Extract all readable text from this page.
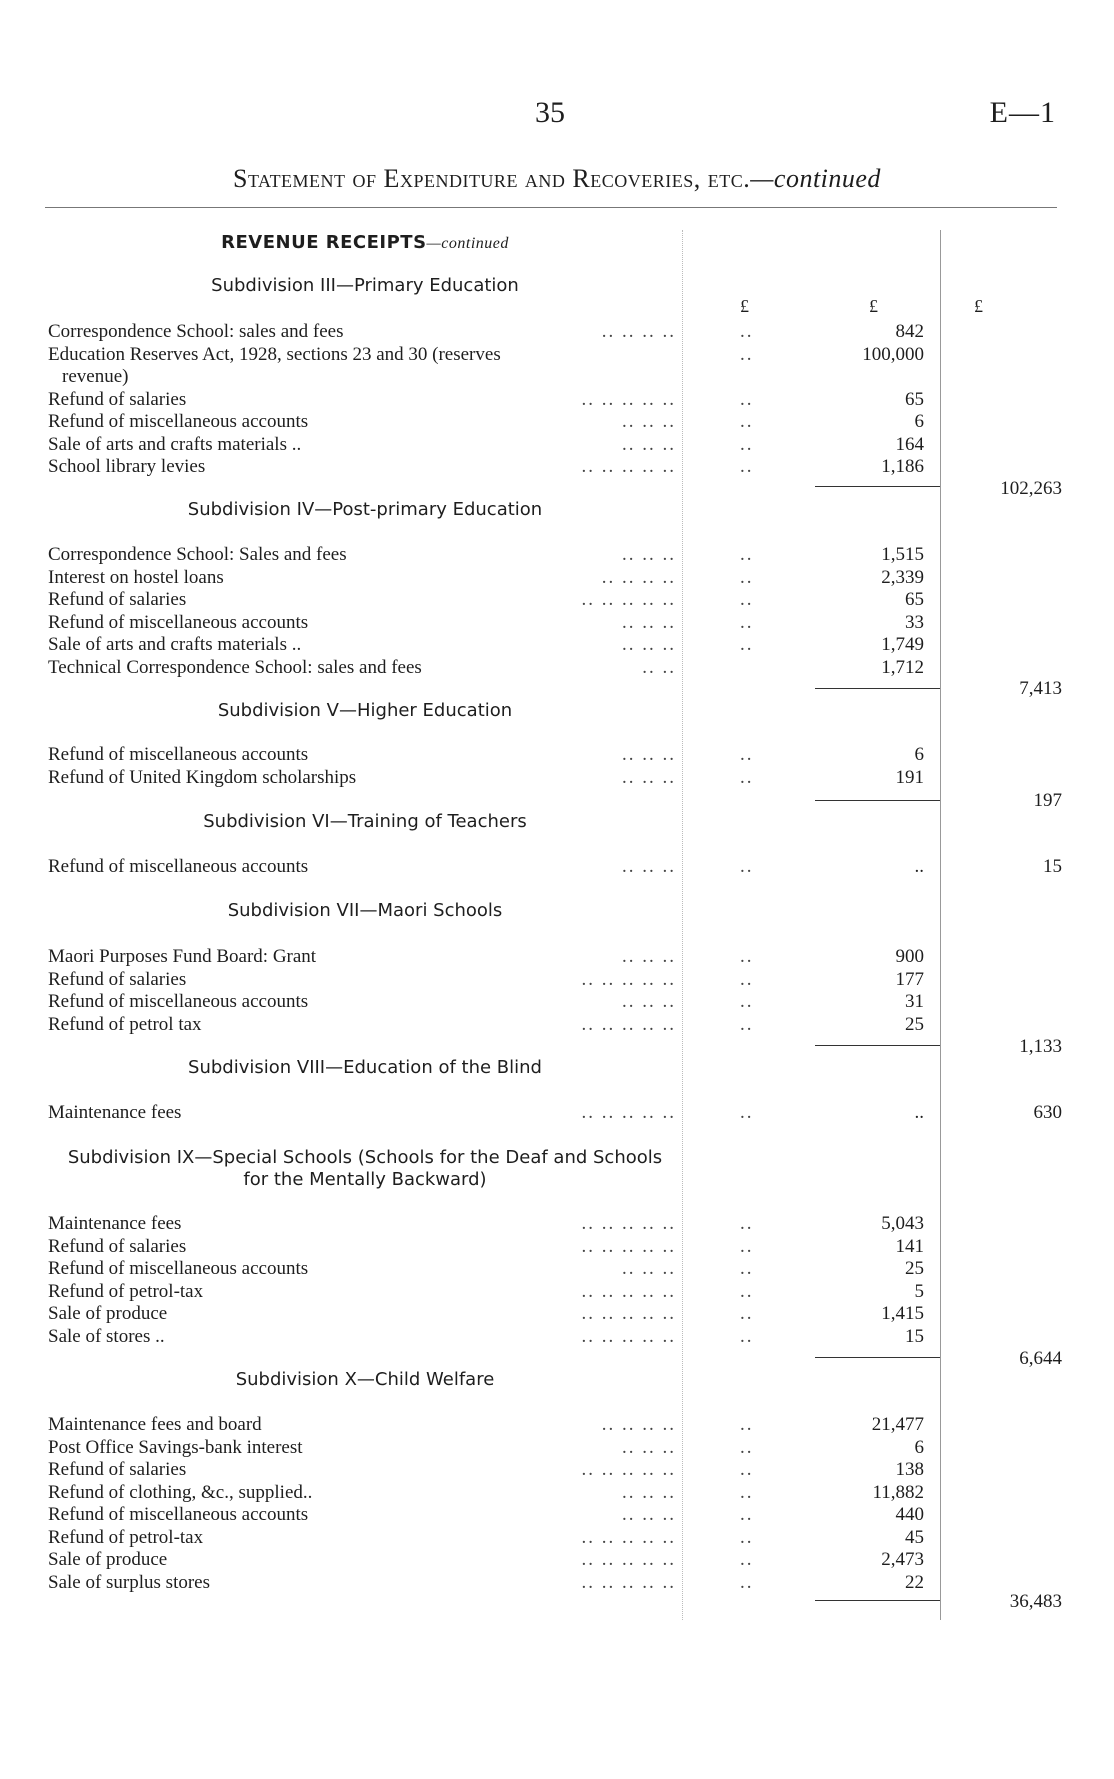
35	E—1
Statement of Expenditure and Recoveries, etc.—continued
REVENUE RECEIPTS—continued
£	£	£
Subdivision III—Primary Education
Correspondence School: sales and fees	.. .. .. ..	..	842
Education Reserves Act, 1928, sections 23 and 30 (reserves	..	100,000
revenue)
Refund of salaries	.. .. .. .. ..	..	65
Refund of miscellaneous accounts	.. .. ..	..	6
Sale of arts and crafts materials ..	.. .. ..	..	164
School library levies	.. .. .. .. ..	..	1,186
102,263
Subdivision IV—Post-primary Education
Correspondence School: Sales and fees	.. .. ..	..	1,515
Interest on hostel loans	.. .. .. ..	..	2,339
Refund of salaries	.. .. .. .. ..	..	65
Refund of miscellaneous accounts	.. .. ..	..	33
Sale of arts and crafts materials ..	.. .. ..	..	1,749
Technical Correspondence School: sales and fees	.. ..	1,712
7,413
Subdivision V—Higher Education
Refund of miscellaneous accounts	.. .. ..	..	6
Refund of United Kingdom scholarships	.. .. ..	..	191
197
Subdivision VI—Training of Teachers
Refund of miscellaneous accounts	.. .. ..	..	..	15
Subdivision VII—Maori Schools
Maori Purposes Fund Board: Grant	.. .. ..	..	900
Refund of salaries	.. .. .. .. ..	..	177
Refund of miscellaneous accounts	.. .. ..	..	31
Refund of petrol tax	.. .. .. .. ..	..	25
1,133
Subdivision VIII—Education of the Blind
Maintenance fees	.. .. .. .. ..	..	..	630
Subdivision IX—Special Schools (Schools for the Deaf and Schools
for the Mentally Backward)
Maintenance fees	.. .. .. .. ..	..	5,043
Refund of salaries	.. .. .. .. ..	..	141
Refund of miscellaneous accounts	.. .. ..	..	25
Refund of petrol-tax	.. .. .. .. ..	..	5
Sale of produce	.. .. .. .. ..	..	1,415
Sale of stores ..	.. .. .. .. ..	..	15
6,644
Subdivision X—Child Welfare
Maintenance fees and board	.. .. .. ..	..	21,477
Post Office Savings-bank interest	.. .. ..	..	6
Refund of salaries	.. .. .. .. ..	..	138
Refund of clothing, &c., supplied..	.. .. ..	..	11,882
Refund of miscellaneous accounts	.. .. ..	..	440
Refund of petrol-tax	.. .. .. .. ..	..	45
Sale of produce	.. .. .. .. ..	..	2,473
Sale of surplus stores	.. .. .. .. ..	..	22
36,483
